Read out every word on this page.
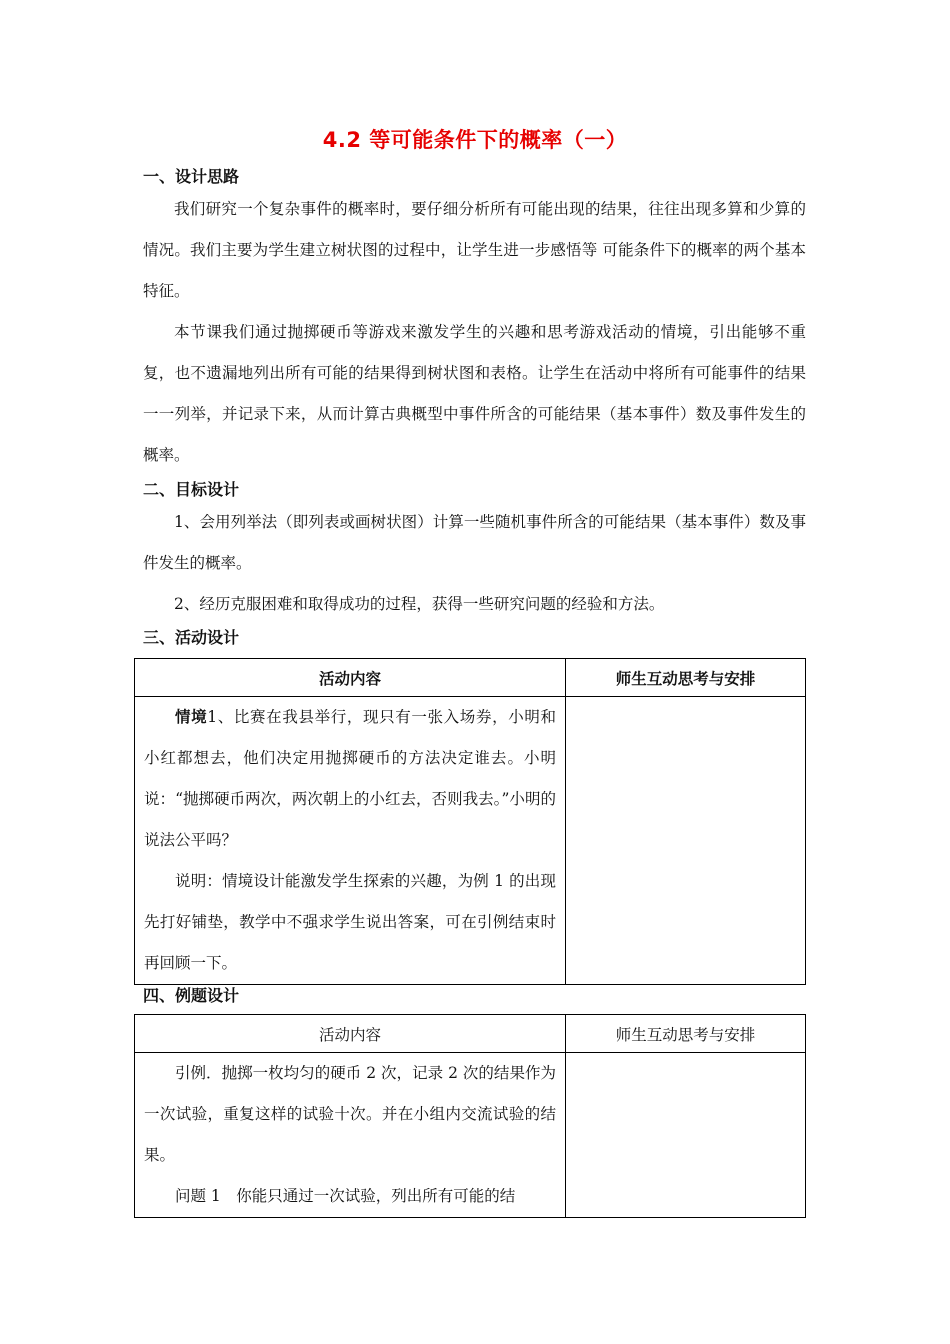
4.2 等可能条件下的概率（一）
一、设计思路
我们研究一个复杂事件的概率时，要仔细分析所有可能出现的结果，往往出现多算和少算的情况。我们主要为学生建立树状图的过程中，让学生进一步感悟等 可能条件下的概率的两个基本特征。
本节课我们通过抛掷硬币等游戏来激发学生的兴趣和思考游戏活动的情境，引出能够不重复，也不遗漏地列出所有可能的结果得到树状图和表格。让学生在活动中将所有可能事件的结果一一列举，并记录下来，从而计算古典概型中事件所含的可能结果（基本事件）数及事件发生的概率。
二、目标设计
1、会用列举法（即列表或画树状图）计算一些随机事件所含的可能结果（基本事件）数及事件发生的概率。
2、经历克服困难和取得成功的过程，获得一些研究问题的经验和方法。
三、活动设计
活动内容	师生互动思考与安排

情境1、比赛在我县举行，现只有一张入场券，小明和小红都想去，他们决定用抛掷硬币的方法决定谁去。小明说：“抛掷硬币两次，两次朝上的小红去，否则我去。”小明的说法公平吗？

说明：情境设计能激发学生探索的兴趣，为例 1 的出现先打好铺垫，教学中不强求学生说出答案，可在引例结束时再回顾一下。	

四、例题设计
活动内容	师生互动思考与安排

引例．抛掷一枚均匀的硬币 2 次，记录 2 次的结果作为一次试验，重复这样的试验十次。并在小组内交流试验的结果。

问题 1　你能只通过一次试验，列出所有可能的结	
